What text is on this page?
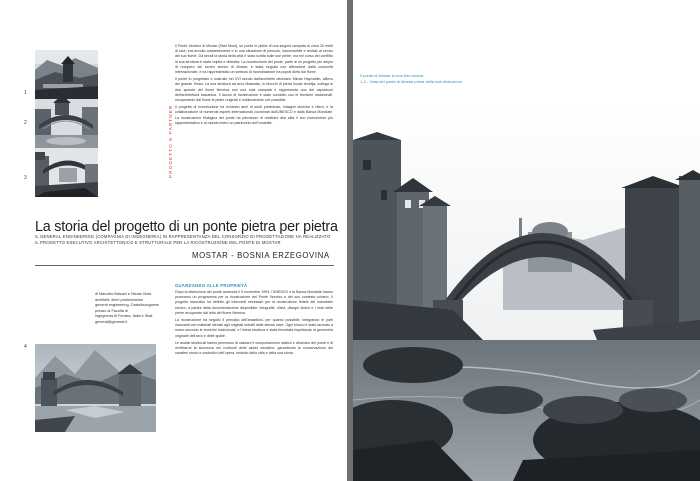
1
2
3	PROGETTO E PARTNER

Il Ponte Vecchio di Mostar (Stari Most), un ponte in pietra di una singola campata di circa 30 metri di luce, era avvolto costantemente e in una situazione di pericolo, inaccessibile e restato al centro del suo fiume. Da secoli la storia della città è stata scritta sulle sue pietre, ma nel corso del conflitto la sua struttura è stata colpita e distrutta. La ricostruzione del ponte, parte di un progetto più ampio di recupero del centro storico di Mostar, è stata seguita con attenzione dalla comunità internazionale, e ha rappresentato un simbolo di riconciliazione tra popoli divisi dal fiume.

Il ponte fu progettato e costruito nel XVI secolo dall'architetto ottomano Mimar Hayruddin, allievo del grande Sinan. La sua struttura ad arco ribassato, in blocchi di pietra locale tenelija, collega le due sponde del fiume Neretva con una sola campata e rappresenta uno dei capolavori dell'architettura balcanica. Il lavoro di ricostruzione è stato condotto con le tecniche tradizionali, recuperando dal fiume le pietre originali e riutilizzandole ove possibile.

Il progetto di ricostruzione ha richiesto anni di studi preliminari, indagini storiche e rilievi, e la collaborazione di numerosi esperti internazionali coordinati dall'UNESCO e dalla Banca Mondiale. La ricostruzione filologica del ponte ha permesso di restituire alla città il suo monumento più rappresentativo e al mondo intero un patrimonio dell'umanità.

La storia del progetto di un ponte pietra per pietra
IL GENERAL ENGINEERING (COMPAGNIA DI INGEGNERIA) IN RAPPRESENTANZA DEL CONSORZIO DI PROGETTAZIONE HA REALIZZATO IL PROGETTO ESECUTIVO ARCHITETTONICO E STRUTTURALE PER LA RICOSTRUZIONE DEL PONTE DI MOSTAR
MOSTAR - BOSNIA ERZEGOVINA
di Marcello Balzani e Nicola Viola
architetti, liberi professionisti
general engineering, Castelbolognese presso la Facoltà di
Ingegneria di Ferrara, Italia e Stati
general@general.it
GUARDANDO ALLE PROPRIETÀ

Dopo la distruzione del ponte avvenuta il 9 novembre 1993, l'UNESCO e la Banca Mondiale hanno promosso un programma per la ricostruzione del Ponte Vecchio e del suo contesto urbano. Il progetto esecutivo ha definito gli interventi necessari per la ricostruzione fedele del manufatto storico, a partire dalla documentazione disponibile: fotografie, rilievi, disegni storici e i resti delle pietre recuperate dal letto del fiume Neretva.

La ricostruzione ha seguito il principio dell'anastilosi, per quanto possibile, integrando le parti mancanti con materiali identici agli originali estratti dalle stesse cave. Ogni blocco è stato lavorato a mano secondo le tecniche tradizionali, e l'intera struttura è stata rimontata rispettando la geometria originale dell'arco e delle spalle.

Le analisi strutturali hanno permesso di valutare il comportamento statico e dinamico del ponte e di verificarne la sicurezza nei confronti delle azioni sismiche, garantendo la conservazione dei caratteri storici e costruttivi dell'opera, simbolo della città e della sua storia.

4
Il ponte di Mostar in una foto storica
1-4 - Vista del ponte di Mostar prima della sua distruzione
